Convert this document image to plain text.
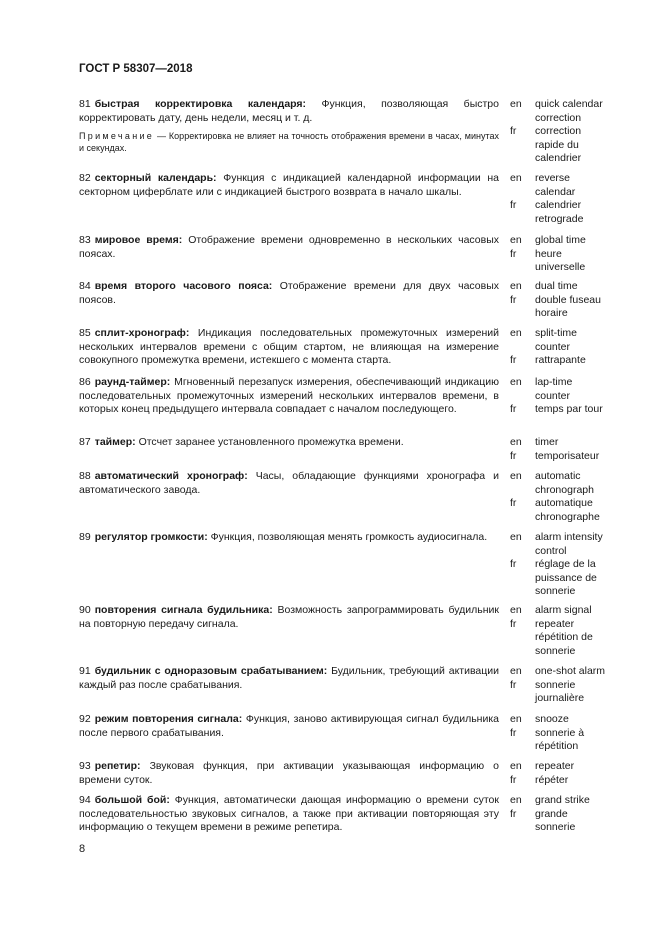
ГОСТ Р 58307—2018
81 быстрая корректировка календаря: Функция, позволяющая быстро корректировать дату, день недели, месяц и т. д.
Примечание — Корректировка не влияет на точность отображения времени в часах, минутах и секундах.
en
fr
quick calendar
correction
correction
rapide du
calendrier
82 секторный календарь: Функция с индикацией календарной информации на секторном циферблате или с индикацией быстрого возврата в начало шкалы.
en
fr
reverse
calendar
calendrier
retrograde
83 мировое время: Отображение времени одновременно в нескольких часовых поясах.
en
fr
global time
heure
universelle
84 время второго часового пояса: Отображение времени для двух часовых поясов.
en
fr
dual time
double fuseau
horaire
85 сплит-хронограф: Индикация последовательных промежуточных измерений нескольких интервалов времени с общим стартом, не влияющая на измерение совокупного промежутка времени, истекшего с момента старта.
en
fr
split-time
counter
rattrapante
86 раунд-таймер: Мгновенный перезапуск измерения, обеспечивающий индикацию последовательных промежуточных измерений нескольких интервалов времени, в которых конец предыдущего интервала совпадает с началом последующего.
en
fr
lap-time
counter
temps par tour
87 таймер: Отсчет заранее установленного промежутка времени.	en
fr
timer
temporisateur
88 автоматический хронограф: Часы, обладающие функциями хронографа и автоматического завода.
en
fr
automatic
chronograph
automatique
chronographe
89 регулятор громкости: Функция, позволяющая менять громкость аудиосигнала.	en
fr
alarm intensity
control
réglage de la
puissance de
sonnerie
90 повторения сигнала будильника: Возможность запрограммировать будильник на повторную передачу сигнала.
en
fr
alarm signal
repeater
répétition de
sonnerie
91 будильник с одноразовым срабатыванием: Будильник, требующий активации каждый раз после срабатывания.
en
fr
one-shot alarm
sonnerie
journalière
92 режим повторения сигнала: Функция, заново активирующая сигнал будильника после первого срабатывания.
en
fr
snooze
sonnerie à
répétition
93 репетир: Звуковая функция, при активации указывающая информацию о времени суток.
en
fr
repeater
répéter
94 большой бой: Функция, автоматически дающая информацию о времени суток последовательностью звуковых сигналов, а также при активации повторяющая эту информацию о текущем времени в режиме репетира.
en
fr
grand strike
grande
sonnerie
8
